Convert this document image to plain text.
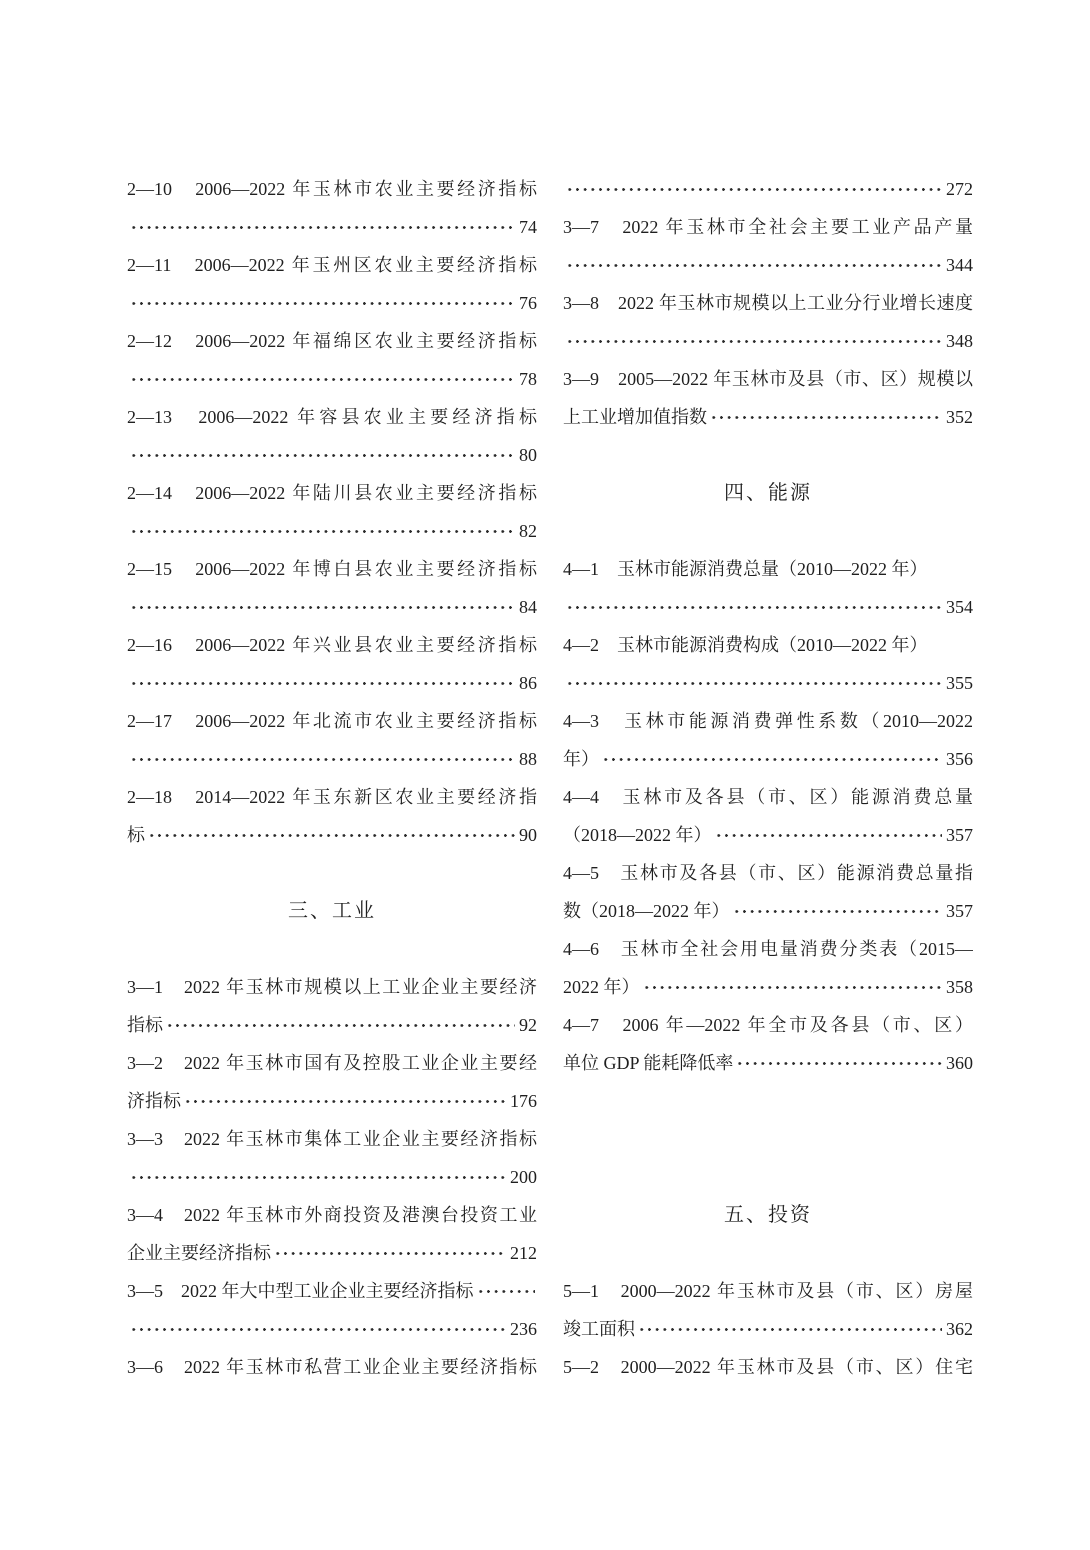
2—10　2006—2022 年玉林市农业主要经济指标
74
2—11　2006—2022 年玉州区农业主要经济指标
76
2—12　2006—2022 年福绵区农业主要经济指标
78
2—13　2006—2022 年容县农业主要经济指标
80
2—14　2006—2022 年陆川县农业主要经济指标
82
2—15　2006—2022 年博白县农业主要经济指标
84
2—16　2006—2022 年兴业县农业主要经济指标
86
2—17　2006—2022 年北流市农业主要经济指标
88
2—18　2014—2022 年玉东新区农业主要经济指
标	90
三、工业
3—1　2022 年玉林市规模以上工业企业主要经济
指标	92
3—2　2022 年玉林市国有及控股工业企业主要经
济指标	176
3—3　2022 年玉林市集体工业企业主要经济指标
200
3—4　2022 年玉林市外商投资及港澳台投资工业
企业主要经济指标	212
3—5　2022 年大中型工业企业主要经济指标
236
3—6　2022 年玉林市私营工业企业主要经济指标
272
3—7　2022 年玉林市全社会主要工业产品产量
344
3—8　2022 年玉林市规模以上工业分行业增长速度
348
3—9　2005—2022 年玉林市及县（市、区）规模以
上工业增加值指数	352
四、能源
4—1　玉林市能源消费总量（2010—2022 年）
354
4—2　玉林市能源消费构成（2010—2022 年）
355
4—3　玉林市能源消费弹性系数（2010—2022
年）	356
4—4　玉林市及各县（市、区）能源消费总量
（2018—2022 年）	357
4—5　玉林市及各县（市、区）能源消费总量指
数（2018—2022 年）	357
4—6　玉林市全社会用电量消费分类表（2015—
2022 年）	358
4—7　2006 年—2022 年全市及各县（市、区）
单位 GDP 能耗降低率	360
五、投资
5—1　2000—2022 年玉林市及县（市、区）房屋
竣工面积	362
5—2　2000—2022 年玉林市及县（市、区）住宅
